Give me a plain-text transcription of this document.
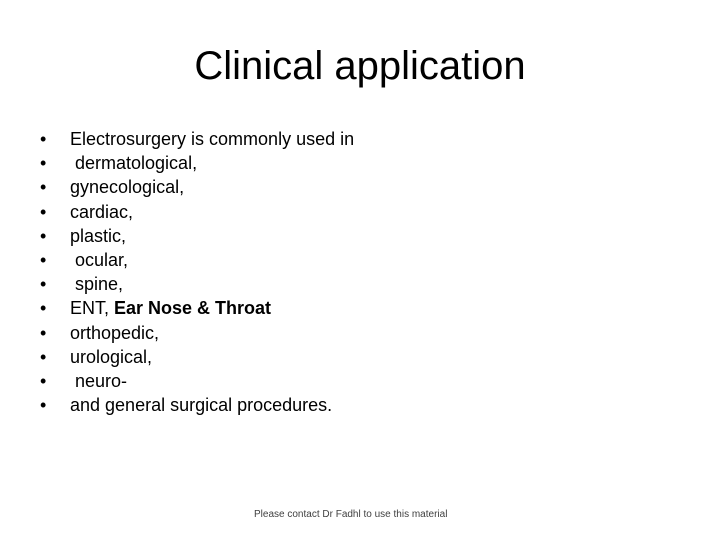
Clinical application
•	Electrosurgery is commonly used in
•	dermatological,
•	gynecological,
•	cardiac,
•	plastic,
•	ocular,
•	spine,
•	ENT, Ear Nose & Throat
•	orthopedic,
•	urological,
•	neuro-
•	and general surgical procedures.
Please contact Dr Fadhl to use this material
